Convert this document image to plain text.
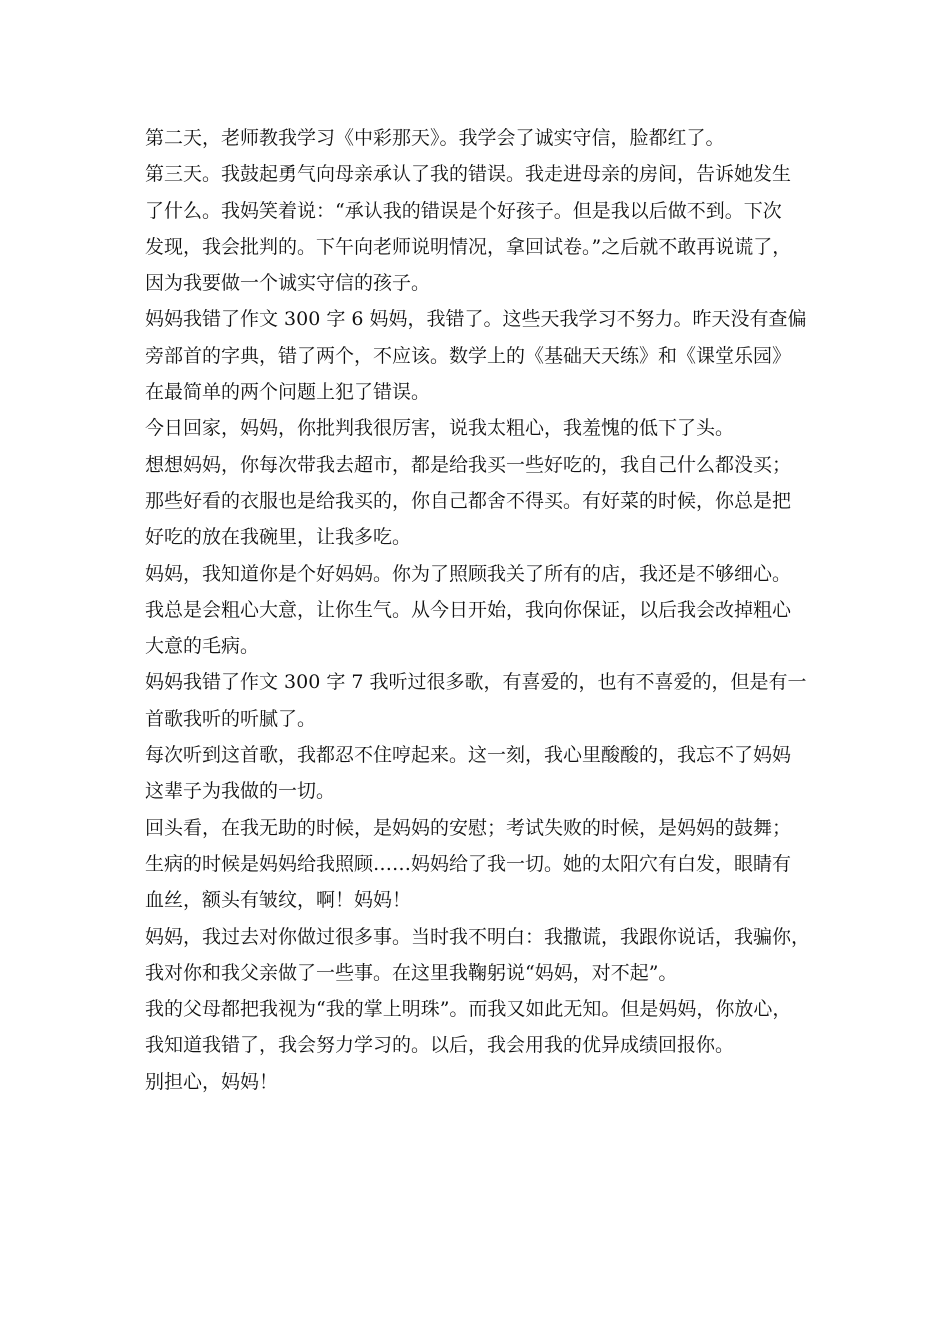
第二天，老师教我学习《中彩那天》。我学会了诚实守信，脸都红了。

第三天。我鼓起勇气向母亲承认了我的错误。我走进母亲的房间，告诉她发生

了什么。我妈笑着说：“承认我的错误是个好孩子。但是我以后做不到。下次

发现，我会批判的。下午向老师说明情况，拿回试卷。”之后就不敢再说谎了，

因为我要做一个诚实守信的孩子。

妈妈我错了作文 300 字 6 妈妈，我错了。这些天我学习不努力。昨天没有查偏

旁部首的字典，错了两个，不应该。数学上的《基础天天练》和《课堂乐园》

在最简单的两个问题上犯了错误。

今日回家，妈妈，你批判我很厉害，说我太粗心，我羞愧的低下了头。

想想妈妈，你每次带我去超市，都是给我买一些好吃的，我自己什么都没买；

那些好看的衣服也是给我买的，你自己都舍不得买。有好菜的时候，你总是把

好吃的放在我碗里，让我多吃。

妈妈，我知道你是个好妈妈。你为了照顾我关了所有的店，我还是不够细心。

我总是会粗心大意，让你生气。从今日开始，我向你保证，以后我会改掉粗心

大意的毛病。

妈妈我错了作文 300 字 7 我听过很多歌，有喜爱的，也有不喜爱的，但是有一

首歌我听的听腻了。

每次听到这首歌，我都忍不住哼起来。这一刻，我心里酸酸的，我忘不了妈妈

这辈子为我做的一切。

回头看，在我无助的时候，是妈妈的安慰；考试失败的时候，是妈妈的鼓舞；

生病的时候是妈妈给我照顾……妈妈给了我一切。她的太阳穴有白发，眼睛有

血丝，额头有皱纹，啊！妈妈！

妈妈，我过去对你做过很多事。当时我不明白：我撒谎，我跟你说话，我骗你，

我对你和我父亲做了一些事。在这里我鞠躬说“妈妈，对不起”。

我的父母都把我视为“我的掌上明珠”。而我又如此无知。但是妈妈，你放心，

我知道我错了，我会努力学习的。以后，我会用我的优异成绩回报你。

别担心，妈妈！
